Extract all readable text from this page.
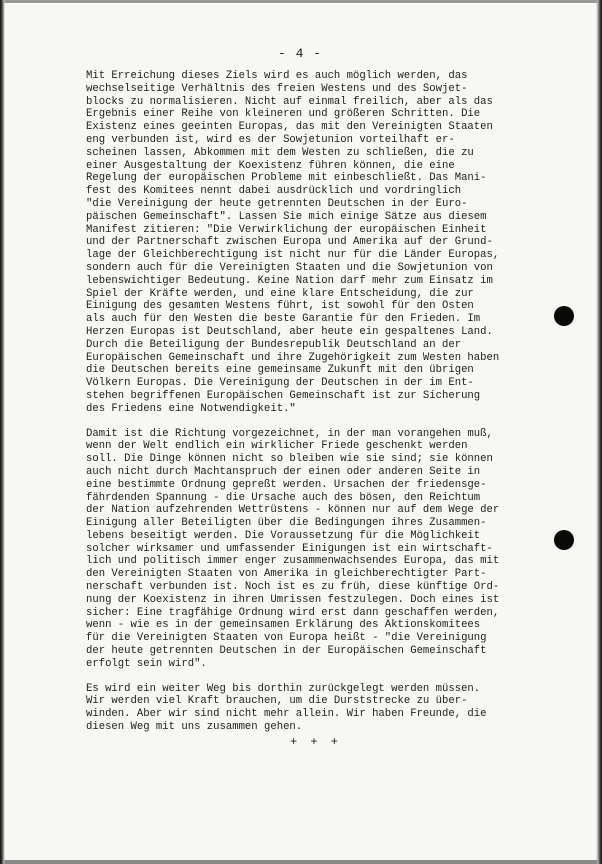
- 4 -
Mit Erreichung dieses Ziels wird es auch möglich werden, das
wechselseitige Verhältnis des freien Westens und des Sowjet-
blocks zu normalisieren. Nicht auf einmal freilich, aber als das
Ergebnis einer Reihe von kleineren und größeren Schritten. Die
Existenz eines geeinten Europas, das mit den Vereinigten Staaten
eng verbunden ist, wird es der Sowjetunion vorteilhaft er-
scheinen lassen, Abkommen mit dem Westen zu schließen, die zu
einer Ausgestaltung der Koexistenz führen können, die eine
Regelung der europäischen Probleme mit einbeschließt. Das Mani-
fest des Komitees nennt dabei ausdrücklich und vordringlich
"die Vereinigung der heute getrennten Deutschen in der Euro-
päischen Gemeinschaft". Lassen Sie mich einige Sätze aus diesem
Manifest zitieren: "Die Verwirklichung der europäischen Einheit
und der Partnerschaft zwischen Europa und Amerika auf der Grund-
lage der Gleichberechtigung ist nicht nur für die Länder Europas,
sondern auch für die Vereinigten Staaten und die Sowjetunion von
lebenswichtiger Bedeutung. Keine Nation darf mehr zum Einsatz im
Spiel der Kräfte werden, und eine klare Entscheidung, die zur
Einigung des gesamten Westens führt, ist sowohl für den Osten
als auch für den Westen die beste Garantie für den Frieden. Im
Herzen Europas ist Deutschland, aber heute ein gespaltenes Land.
Durch die Beteiligung der Bundesrepublik Deutschland an der
Europäischen Gemeinschaft und ihre Zugehörigkeit zum Westen haben
die Deutschen bereits eine gemeinsame Zukunft mit den übrigen
Völkern Europas. Die Vereinigung der Deutschen in der im Ent-
stehen begriffenen Europäischen Gemeinschaft ist zur Sicherung
des Friedens eine Notwendigkeit."
Damit ist die Richtung vorgezeichnet, in der man vorangehen muß,
wenn der Welt endlich ein wirklicher Friede geschenkt werden
soll. Die Dinge können nicht so bleiben wie sie sind; sie können
auch nicht durch Machtanspruch der einen oder anderen Seite in
eine bestimmte Ordnung gepreßt werden. Ursachen der friedensge-
fährdenden Spannung - die Ursache auch des bösen, den Reichtum
der Nation aufzehrenden Wettrüstens - können nur auf dem Wege der
Einigung aller Beteiligten über die Bedingungen ihres Zusammen-
lebens beseitigt werden. Die Voraussetzung für die Möglichkeit
solcher wirksamer und umfassender Einigungen ist ein wirtschaft-
lich und politisch immer enger zusammenwachsendes Europa, das mit
den Vereinigten Staaten von Amerika in gleichberechtigter Part-
nerschaft verbunden ist. Noch ist es zu früh, diese künftige Ord-
nung der Koexistenz in ihren Umrissen festzulegen. Doch eines ist
sicher: Eine tragfähige Ordnung wird erst dann geschaffen werden,
wenn - wie es in der gemeinsamen Erklärung des Aktionskomitees
für die Vereinigten Staaten von Europa heißt - "die Vereinigung
der heute getrennten Deutschen in der Europäischen Gemeinschaft
erfolgt sein wird".
Es wird ein weiter Weg bis dorthin zurückgelegt werden müssen.
Wir werden viel Kraft brauchen, um die Durststrecke zu über-
winden. Aber wir sind nicht mehr allein. Wir haben Freunde, die
diesen Weg mit uns zusammen gehen.
+ + +
